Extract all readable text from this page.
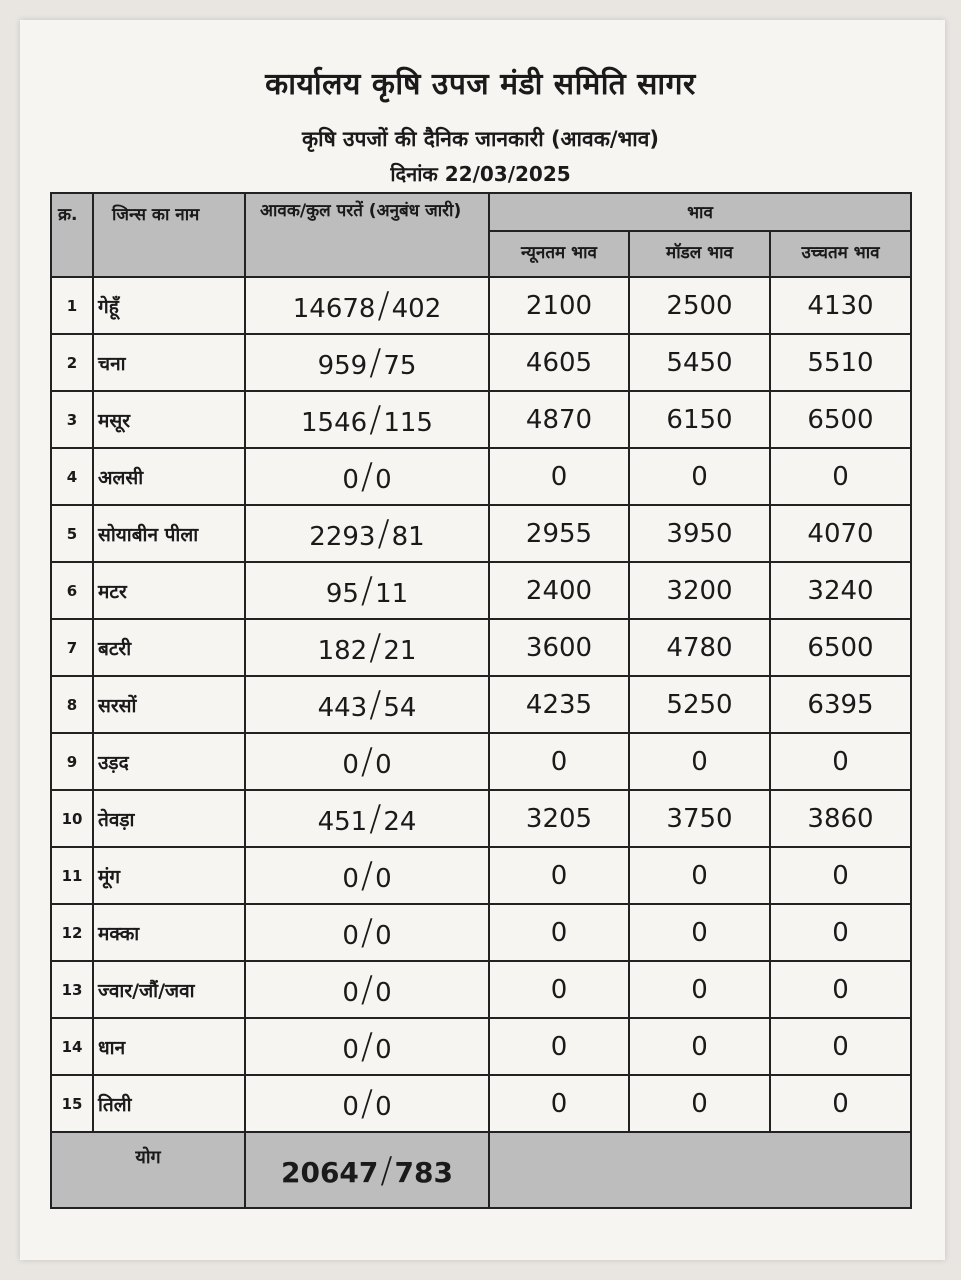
कार्यालय कृषि उपज मंडी समिति सागर
कृषि उपजों की दैनिक जानकारी (आवक/भाव)
दिनांक 22/03/2025
क्र.	जिन्स का नाम	आवक/कुल परतें (अनुबंध जारी)	भाव		
			न्यूनतम भाव	मॉडल भाव	उच्चतम भाव
1	गेहूँ	14678/402	2100	2500	4130
2	चना	959/75	4605	5450	5510
3	मसूर	1546/115	4870	6150	6500
4	अलसी	0/0	0	0	0
5	सोयाबीन पीला	2293/81	2955	3950	4070
6	मटर	95/11	2400	3200	3240
7	बटरी	182/21	3600	4780	6500
8	सरसों	443/54	4235	5250	6395
9	उड़द	0/0	0	0	0
10	तेवड़ा	451/24	3205	3750	3860
11	मूंग	0/0	0	0	0
12	मक्का	0/0	0	0	0
13	ज्वार/जौं/जवा	0/0	0	0	0
14	धान	0/0	0	0	0
15	तिली	0/0	0	0	0
योग		20647/783			
